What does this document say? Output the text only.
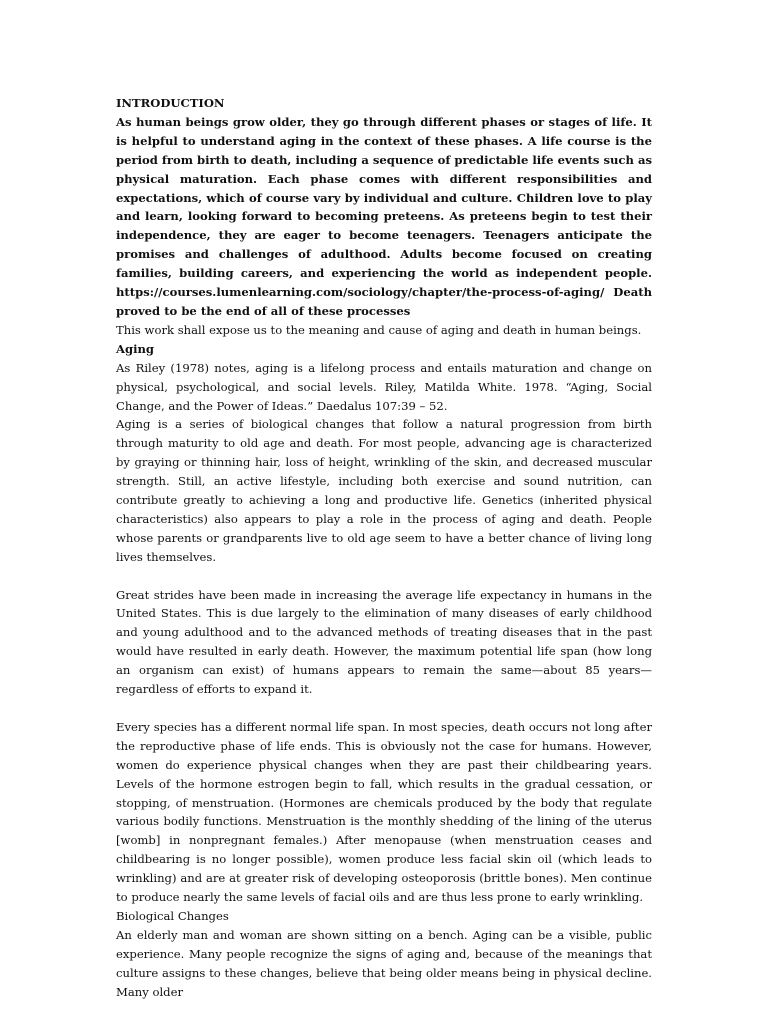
INTRODUCTION

As human beings grow older, they go through different phases or stages of life. It is helpful to understand aging in the context of these phases. A life course is the period from birth to death, including a sequence of predictable life events such as physical maturation. Each phase comes with different responsibilities and expectations, which of course vary by individual and culture. Children love to play and learn, looking forward to becoming preteens. As preteens begin to test their independence, they are eager to become teenagers. Teenagers anticipate the promises and challenges of adulthood. Adults become focused on creating families, building careers, and experiencing the world as independent people. https://courses.lumenlearning.com/sociology/chapter/the-process-of-aging/ Death proved to be the end of all of these processes

This work shall expose us to the meaning and cause of aging and death in human beings.

Aging

As Riley (1978) notes, aging is a lifelong process and entails maturation and change on physical, psychological, and social levels. Riley, Matilda White. 1978. “Aging, Social Change, and the Power of Ideas.” Daedalus 107:39 – 52.

Aging is a series of biological changes that follow a natural progression from birth through maturity to old age and death. For most people, advancing age is characterized by graying or thinning hair, loss of height, wrinkling of the skin, and decreased muscular strength. Still, an active lifestyle, including both exercise and sound nutrition, can contribute greatly to achieving a long and productive life. Genetics (inherited physical characteristics) also appears to play a role in the process of aging and death. People whose parents or grandparents live to old age seem to have a better chance of living long lives themselves.

Great strides have been made in increasing the average life expectancy in humans in the United States. This is due largely to the elimination of many diseases of early childhood and young adulthood and to the advanced methods of treating diseases that in the past would have resulted in early death. However, the maximum potential life span (how long an organism can exist) of humans appears to remain the same—about 85 years—regardless of efforts to expand it.

Every species has a different normal life span. In most species, death occurs not long after the reproductive phase of life ends. This is obviously not the case for humans. However, women do experience physical changes when they are past their childbearing years. Levels of the hormone estrogen begin to fall, which results in the gradual cessation, or stopping, of menstruation. (Hormones are chemicals produced by the body that regulate various bodily functions. Menstruation is the monthly shedding of the lining of the uterus [womb] in nonpregnant females.) After menopause (when menstruation ceases and childbearing is no longer possible), women produce less facial skin oil (which leads to wrinkling) and are at greater risk of developing osteoporosis (brittle bones). Men continue to produce nearly the same levels of facial oils and are thus less prone to early wrinkling.

Biological Changes

An elderly man and woman are shown sitting on a bench. Aging can be a visible, public experience. Many people recognize the signs of aging and, because of the meanings that culture assigns to these changes, believe that being older means being in physical decline. Many older
